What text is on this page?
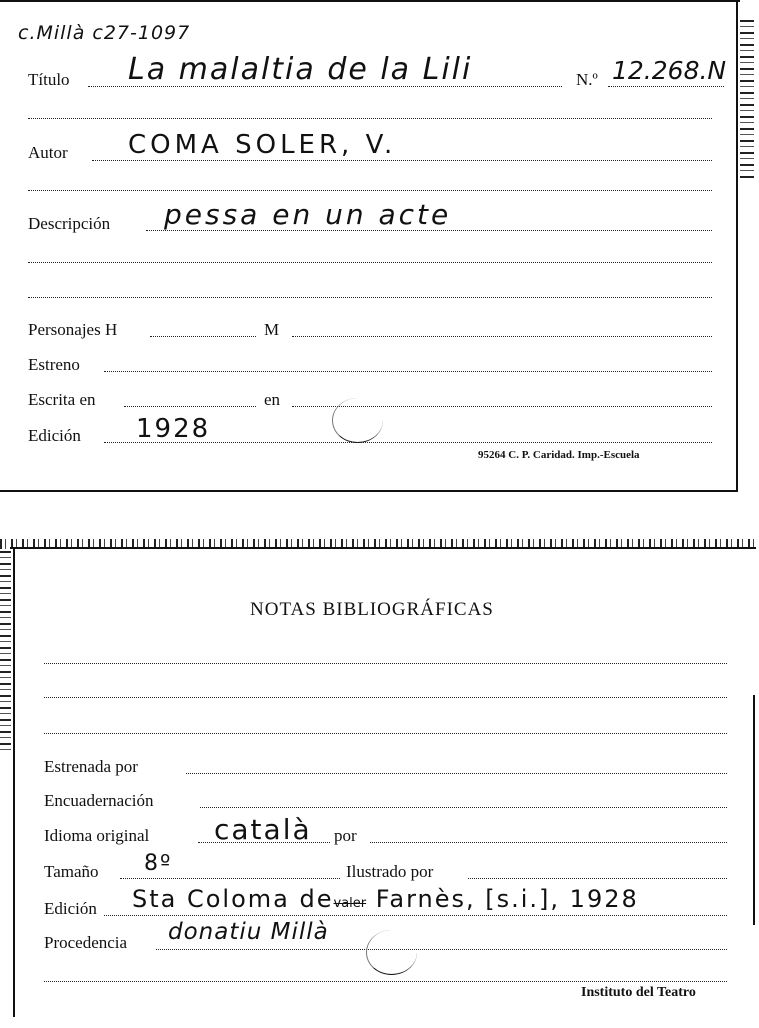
c.Millà c27-1097
Título La malaltia de la Lili	N.º 12.268.N
Autor COMA SOLER, V.
Descripción pessa en un acte
Personajes H	M
Estreno
Escrita en	en
Edición 1928
95264 C. P. Caridad. Imp.-Escuela
NOTAS BIBLIOGRÁFICAS
Estrenada por
Encuadernación
Idioma original català por
Tamaño 8º	Ilustrado por
Edición Sta Coloma devaler Farnès, [s.i.], 1928
Procedencia donatiu Millà
Instituto del Teatro
